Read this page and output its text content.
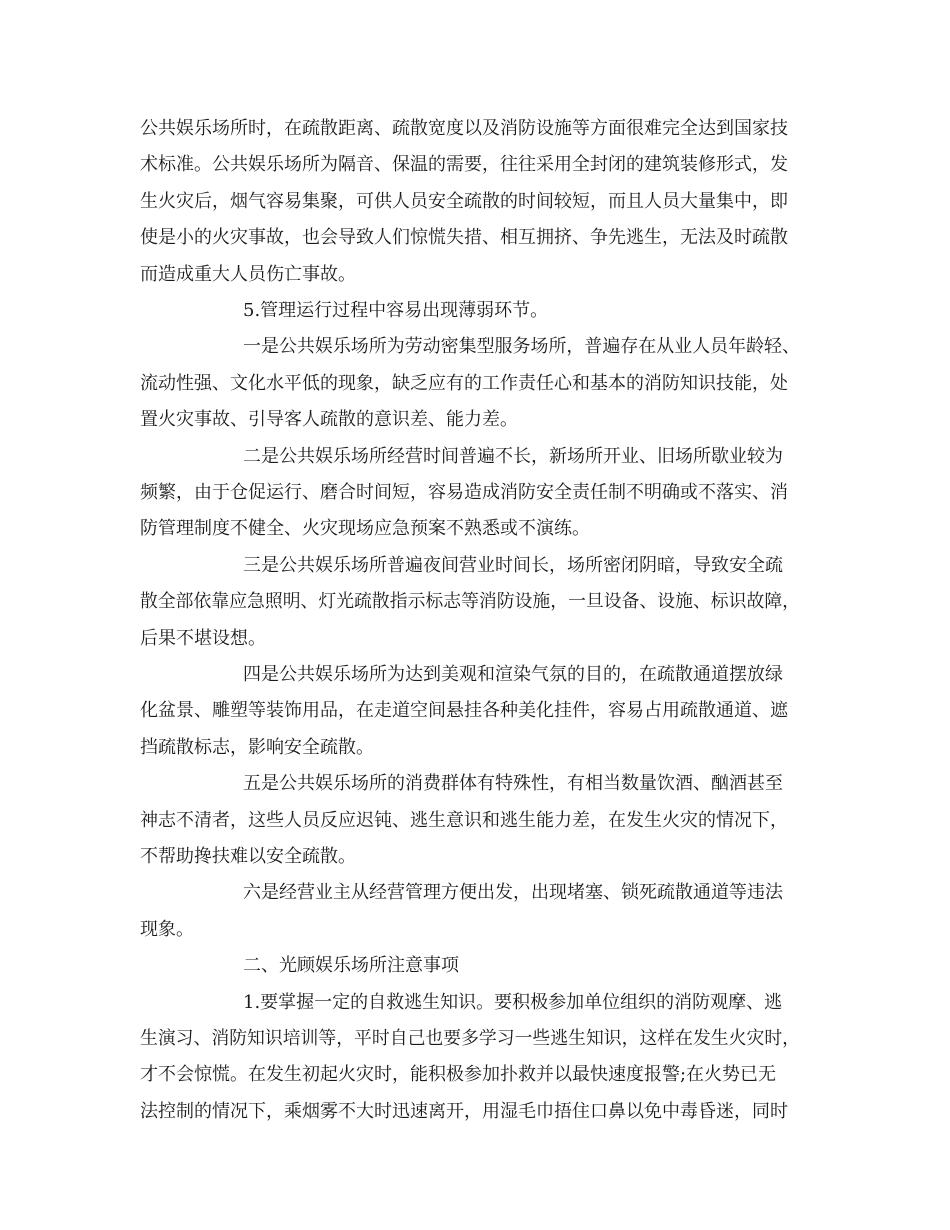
公共娱乐场所时，在疏散距离、疏散宽度以及消防设施等方面很难完全达到国家技
术标准。公共娱乐场所为隔音、保温的需要，往往采用全封闭的建筑装修形式，发
生火灾后，烟气容易集聚，可供人员安全疏散的时间较短，而且人员大量集中，即
使是小的火灾事故，也会导致人们惊慌失措、相互拥挤、争先逃生，无法及时疏散
而造成重大人员伤亡事故。
5.管理运行过程中容易出现薄弱环节。
一是公共娱乐场所为劳动密集型服务场所，普遍存在从业人员年龄轻、
流动性强、文化水平低的现象，缺乏应有的工作责任心和基本的消防知识技能，处
置火灾事故、引导客人疏散的意识差、能力差。
二是公共娱乐场所经营时间普遍不长，新场所开业、旧场所歇业较为
频繁，由于仓促运行、磨合时间短，容易造成消防安全责任制不明确或不落实、消
防管理制度不健全、火灾现场应急预案不熟悉或不演练。
三是公共娱乐场所普遍夜间营业时间长，场所密闭阴暗，导致安全疏
散全部依靠应急照明、灯光疏散指示标志等消防设施，一旦设备、设施、标识故障，
后果不堪设想。
四是公共娱乐场所为达到美观和渲染气氛的目的，在疏散通道摆放绿
化盆景、雕塑等装饰用品，在走道空间悬挂各种美化挂件，容易占用疏散通道、遮
挡疏散标志，影响安全疏散。
五是公共娱乐场所的消费群体有特殊性，有相当数量饮酒、酗酒甚至
神志不清者，这些人员反应迟钝、逃生意识和逃生能力差，在发生火灾的情况下，
不帮助搀扶难以安全疏散。
六是经营业主从经营管理方便出发，出现堵塞、锁死疏散通道等违法
现象。
二、光顾娱乐场所注意事项
1.要掌握一定的自救逃生知识。要积极参加单位组织的消防观摩、逃
生演习、消防知识培训等，平时自己也要多学习一些逃生知识，这样在发生火灾时，
才不会惊慌。在发生初起火灾时，能积极参加扑救并以最快速度报警;在火势已无
法控制的情况下，乘烟雾不大时迅速离开，用湿毛巾捂住口鼻以免中毒昏迷，同时
